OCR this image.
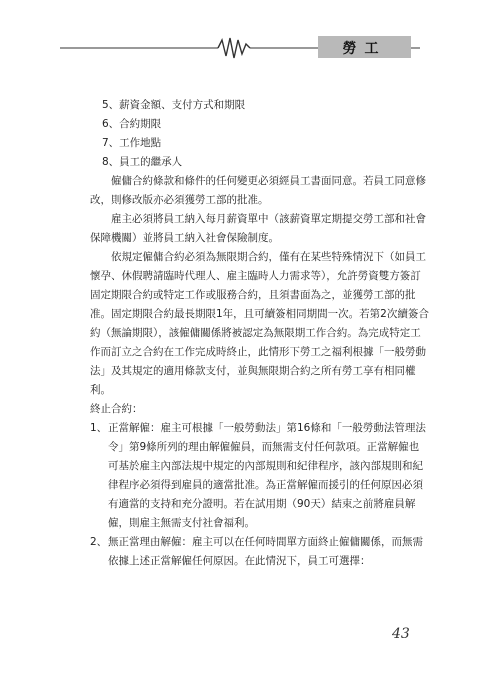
勞工
5、薪資金額、支付方式和期限
6、合約期限
7、工作地點
8、員工的繼承人
　　僱傭合約條款和條件的任何變更必須經員工書面同意。若員工同意修
改，則修改版亦必須獲勞工部的批准。
　　雇主必須將員工納入每月薪資單中（該薪資單定期提交勞工部和社會
保障機關）並將員工納入社會保險制度。
　　依規定僱傭合約必須為無限期合約，僅有在某些特殊情況下（如員工
懷孕、休假聘請臨時代理人、雇主臨時人力需求等），允許勞資雙方簽訂
固定期限合約或特定工作或服務合約，且須書面為之，並獲勞工部的批
准。固定期限合約最長期限1年，且可續簽相同期間一次。若第2次續簽合
約（無論期限），該僱傭關係將被認定為無限期工作合約。為完成特定工
作而訂立之合約在工作完成時終止，此情形下勞工之福利根據「一般勞動
法」及其規定的適用條款支付，並與無限期合約之所有勞工享有相同權
利。
終止合約：
1、 正當解僱：雇主可根據「一般勞動法」第16條和「一般勞動法管理法
令」第9條所列的理由解僱僱員，而無需支付任何款項。正當解僱也
可基於雇主內部法規中規定的內部規則和紀律程序，該內部規則和紀
律程序必須得到雇員的適當批准。為正當解僱而援引的任何原因必須
有適當的支持和充分證明。若在試用期（90天）結束之前將雇員解
僱，則雇主無需支付社會福利。
2、 無正當理由解僱：雇主可以在任何時間單方面終止僱傭關係，而無需
依據上述正當解僱任何原因。在此情況下，員工可選擇：
43
